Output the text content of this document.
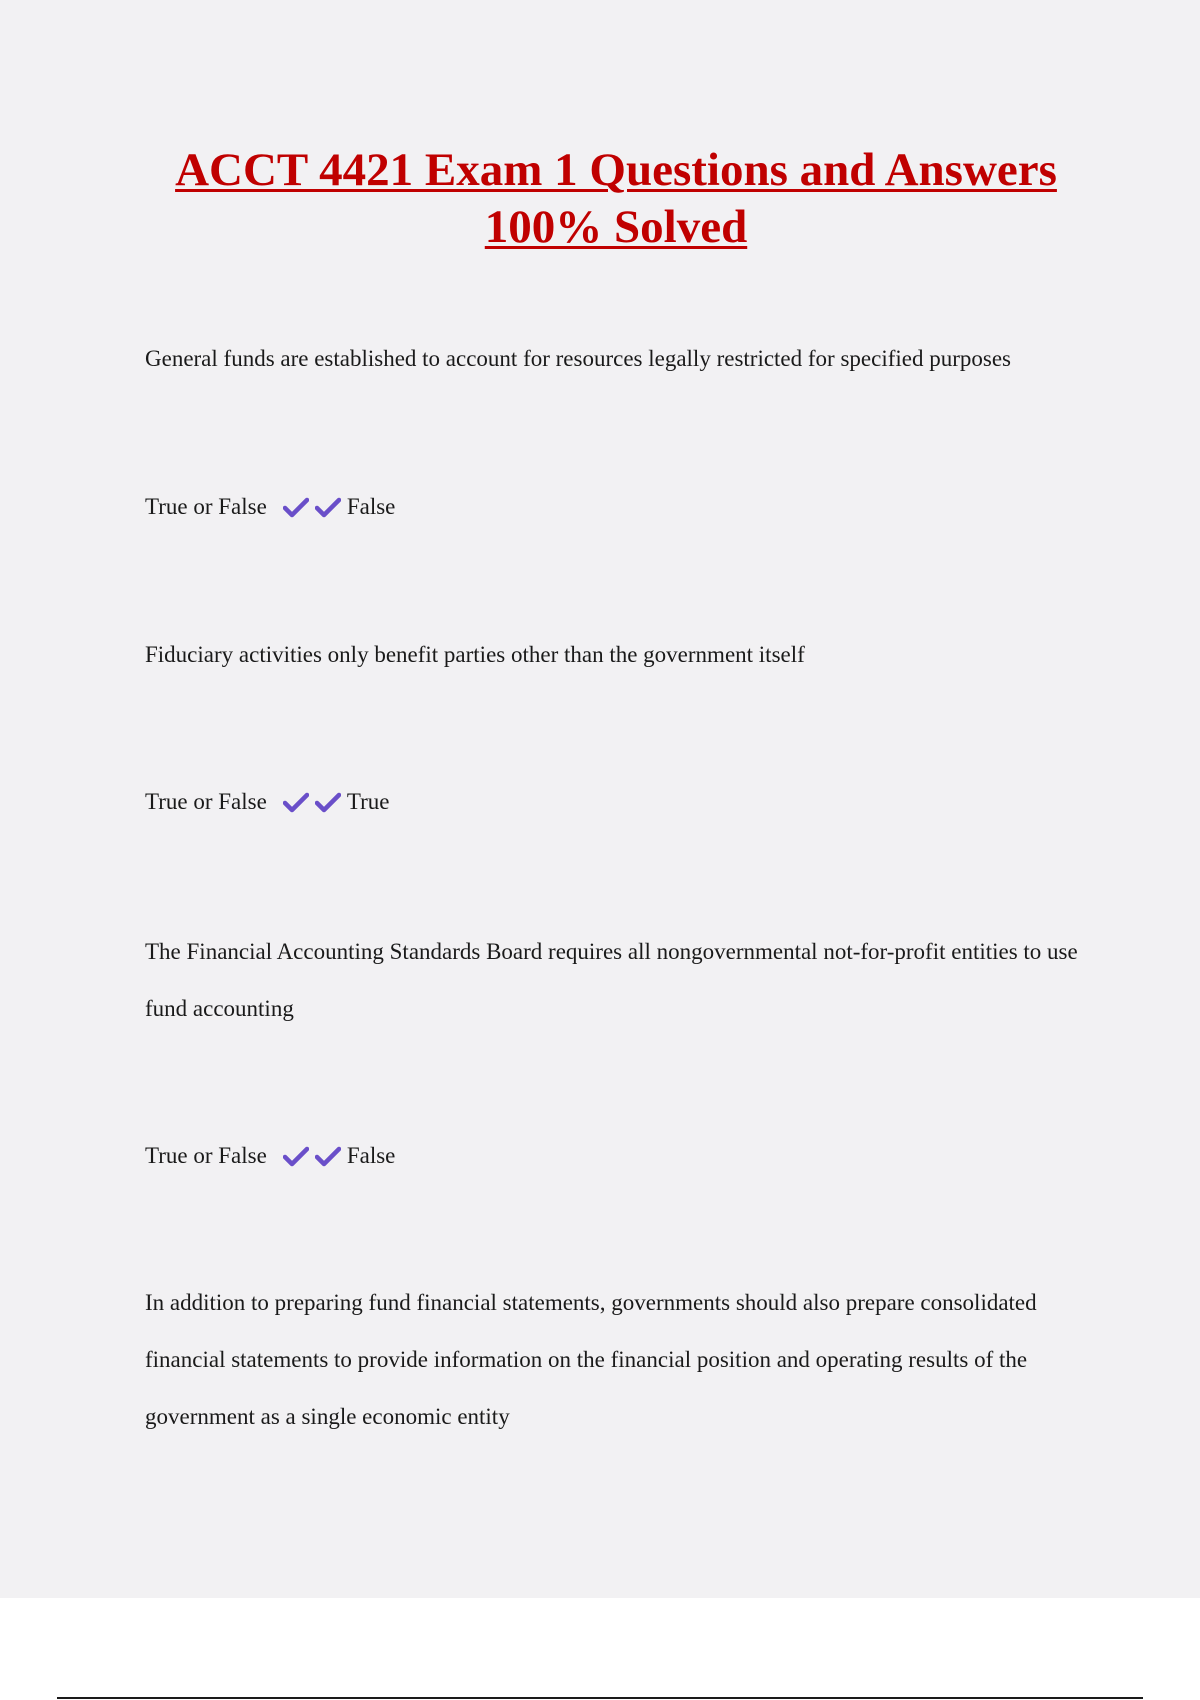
ACCT 4421 Exam 1 Questions and Answers
100% Solved

General funds are established to account for resources legally restricted for specified purposes

True or False	False

Fiduciary activities only benefit parties other than the government itself

True or False	True

The Financial Accounting Standards Board requires all nongovernmental not-for-profit entities to use fund accounting

True or False	False

In addition to preparing fund financial statements, governments should also prepare consolidated financial statements to provide information on the financial position and operating results of the government as a single economic entity
